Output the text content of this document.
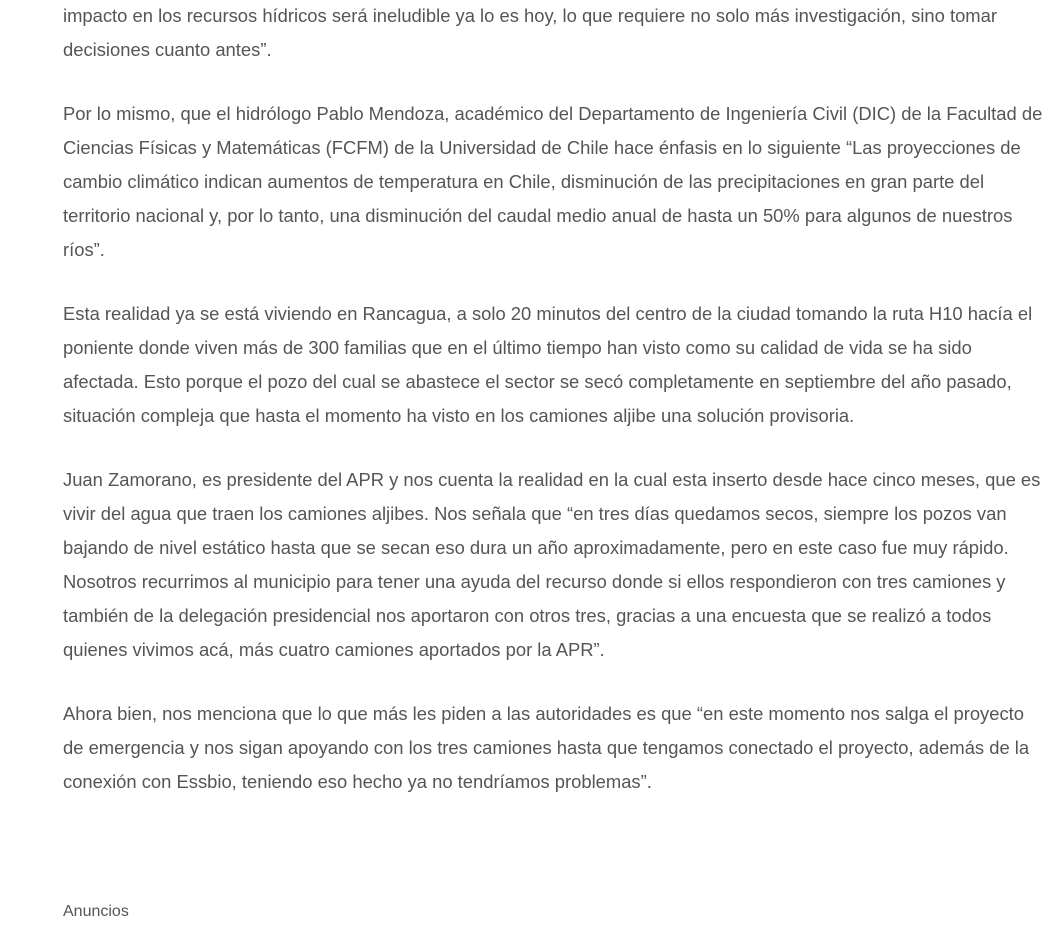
impacto en los recursos hídricos será ineludible ya lo es hoy, lo que requiere no solo más investigación, sino tomar decisiones cuanto antes”.

Por lo mismo, que el hidrólogo Pablo Mendoza, académico del Departamento de Ingeniería Civil (DIC) de la Facultad de Ciencias Físicas y Matemáticas (FCFM) de la Universidad de Chile hace énfasis en lo siguiente “Las proyecciones de cambio climático indican aumentos de temperatura en Chile, disminución de las precipitaciones en gran parte del territorio nacional y, por lo tanto, una disminución del caudal medio anual de hasta un 50% para algunos de nuestros ríos”.

Esta realidad ya se está viviendo en Rancagua, a solo 20 minutos del centro de la ciudad tomando la ruta H10 hacía el poniente donde viven más de 300 familias que en el último tiempo han visto como su calidad de vida se ha sido afectada. Esto porque el pozo del cual se abastece el sector se secó completamente en septiembre del año pasado, situación compleja que hasta el momento ha visto en los camiones aljibe una solución provisoria.

Juan Zamorano, es presidente del APR y nos cuenta la realidad en la cual esta inserto desde hace cinco meses, que es vivir del agua que traen los camiones aljibes. Nos señala que “en tres días quedamos secos, siempre los pozos van bajando de nivel estático hasta que se secan eso dura un año aproximadamente, pero en este caso fue muy rápido. Nosotros recurrimos al municipio para tener una ayuda del recurso donde si ellos respondieron con tres camiones y también de la delegación presidencial nos aportaron con otros tres, gracias a una encuesta que se realizó a todos quienes vivimos acá, más cuatro camiones aportados por la APR”.

Ahora bien, nos menciona que lo que más les piden a las autoridades es que “en este momento nos salga el proyecto de emergencia y nos sigan apoyando con los tres camiones hasta que tengamos conectado el proyecto, además de la conexión con Essbio, teniendo eso hecho ya no tendríamos problemas”.

Anuncios
